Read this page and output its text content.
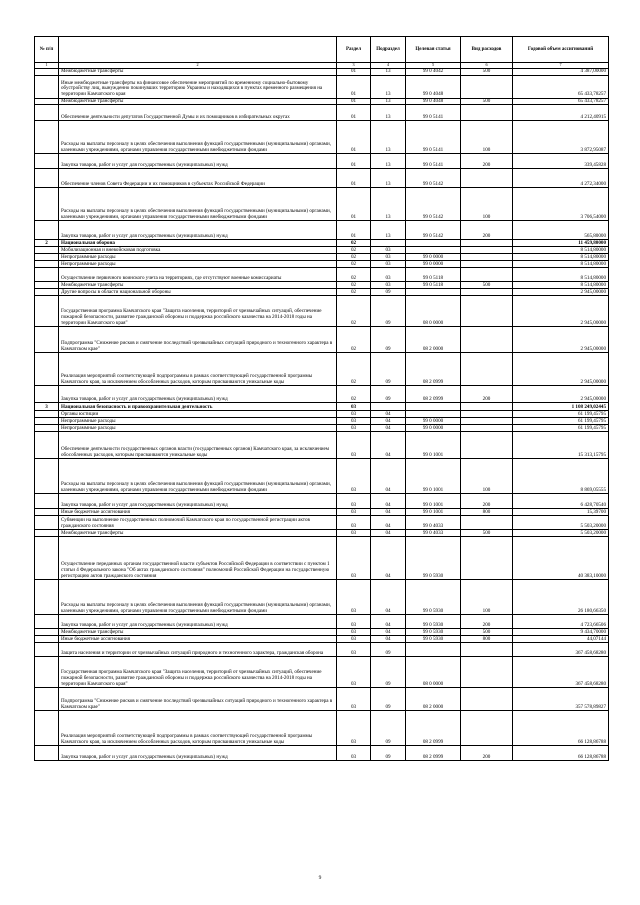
№ п/п		Раздел	Подраздел	Целевая статья	Вид расходов	Годовой объем ассигнований
1	2	3	4	5	6	7
	Межбюджетные трансферты	01	13	99 0 4042	500	4 387,00000
	Иные межбюджетные трансферты на финансовое обеспечение мероприятий по временному социально-бытовому обустройству лиц, вынужденно покинувших территорию Украины и находящихся в пунктах временного размещения на территории Камчатского края	01	13	99 0 4048		65 433,78257
	Межбюджетные трансферты	01	13	99 0 4048	500	65 433,78257
	Обеспечение деятельности депутатов Государственной Думы и их помощников в избирательных округах	01	13	99 0 5141		4 212,40915
	Расходы на выплаты персоналу в целях обеспечения выполнения функций государственными (муниципальными) органами, казенными учреждениями, органами управления государственными внебюджетными фондами	01	13	99 0 5141	100	3 872,95087
	Закупка товаров, работ и услуг для государственных (муниципальных) нужд	01	13	99 0 5141	200	339,45828
	Обеспечение членов Совета Федерации и их помощников в субъектах Российской Федерации	01	13	99 0 5142		4 272,34000
	Расходы на выплаты персоналу в целях обеспечения выполнения функций государственными (муниципальными) органами, казенными учреждениями, органами управления государственными внебюджетными фондами	01	13	99 0 5142	100	3 706,54000
	Закупка товаров, работ и услуг для государственных (муниципальных) нужд	01	13	99 0 5142	200	565,80000
2	Национальная оборона	02				11 459,80000
	Мобилизационная и вневойсковая подготовка	02	03			8 514,80000
	Непрограммные расходы	02	03	99 0 0000		8 514,80000
	Непрограммные расходы	02	03	99 0 0000		8 514,80000
	Осуществление первичного воинского учета на территориях, где отсутствуют военные комиссариаты	02	03	99 0 5118		8 514,80000
	Межбюджетные трансферты	02	03	99 0 5118	500	8 514,80000
	Другие вопросы в области национальной обороны	02	09			2 945,00000
	Государственная программа Камчатского края "Защита населения, территорий от чрезвычайных ситуаций, обеспечение пожарной безопасности, развитие гражданской обороны и поддержка российского казачества на 2014-2018 годы на территории Камчатского края"	02	09	08 0 0000		2 945,00000
	Подпрограмма "Снижение рисков и смягчение последствий чрезвычайных ситуаций природного и техногенного характера в Камчатском крае"	02	09	08 2 0000		2 945,00000
	Реализация мероприятий соответствующей подпрограммы в рамках соответствующей государственной программы Камчатского края, за исключением обособленных расходов, которым присваиваются уникальные коды	02	09	08 2 0999		2 945,00000
	Закупка товаров, работ и услуг для государственных (муниципальных) нужд	02	09	08 2 0999	200	2 945,00000
3	Национальная безопасность и правоохранительная деятельность	03				1 108 249,02445
	Органы юстиции	03	04			61 199,45795
	Непрограммные расходы	03	04	99 0 0000		61 199,45795
	Непрограммные расходы	03	04	99 0 0000		61 199,45795
	Обеспечение деятельности государственных органов власти (государственных органов) Камчатского края, за исключением обособленных расходов, которым присваиваются уникальные коды	03	04	99 0 1001		15 313,15795
	Расходы на выплаты персоналу в целях обеспечения выполнения функций государственными (муниципальными) органами, казенными учреждениями, органами управления государственными внебюджетными фондами	03	04	99 0 1001	100	8 869,05555
	Закупка товаров, работ и услуг для государственных (муниципальных) нужд	03	04	99 0 1001	200	6 428,70540
	Иные бюджетные ассигнования	03	04	99 0 1001	800	15,39700
	Субвенции на выполнение государственных полномочий Камчатского края по государственной регистрации актов гражданского состояния	03	04	99 0 4033		5 503,20000
	Межбюджетные трансферты	03	04	99 0 4033	500	5 503,20000
	Осуществление переданных органам государственной власти субъектов Российской Федерации в соответствии с пунктом 1 статьи 4 Федерального закона "Об актах гражданского состояния" полномочий Российской Федерации на государственную регистрацию актов гражданского состояния	03	04	99 0 5930		40 383,10000
	Расходы на выплаты персоналу в целях обеспечения выполнения функций государственными (муниципальными) органами, казенными учреждениями, органами управления государственными внебюджетными фондами	03	04	99 0 5930	100	26 180,66350
	Закупка товаров, работ и услуг для государственных (муниципальных) нужд	03	04	99 0 5930	200	4 723,66506
	Межбюджетные трансферты	03	04	99 0 5930	500	9 434,70000
	Иные бюджетные ассигнования	03	04	99 0 5930	800	44,07144
	Защита населения и территории от чрезвычайных ситуаций природного и техногенного характера, гражданская оборона	03	09			367 458,68280
	Государственная программа Камчатского края "Защита населения, территорий от чрезвычайных ситуаций, обеспечение пожарной безопасности, развитие гражданской обороны и поддержка российского казачества на 2014-2018 годы на территории Камчатского края"	03	09	08 0 0000		367 458,68280
	Подпрограмма "Снижение рисков и смягчение последствий чрезвычайных ситуаций природного и техногенного характера в Камчатском крае"	03	09	08 2 0000		357 578,89827
	Реализация мероприятий соответствующей подпрограммы в рамках соответствующей государственной программы Камчатского края, за исключением обособленных расходов, которым присваиваются уникальные коды	03	09	08 2 0999		66 128,86788
	Закупка товаров, работ и услуг для государственных (муниципальных) нужд	03	09	08 2 0999	200	66 128,86788
9
